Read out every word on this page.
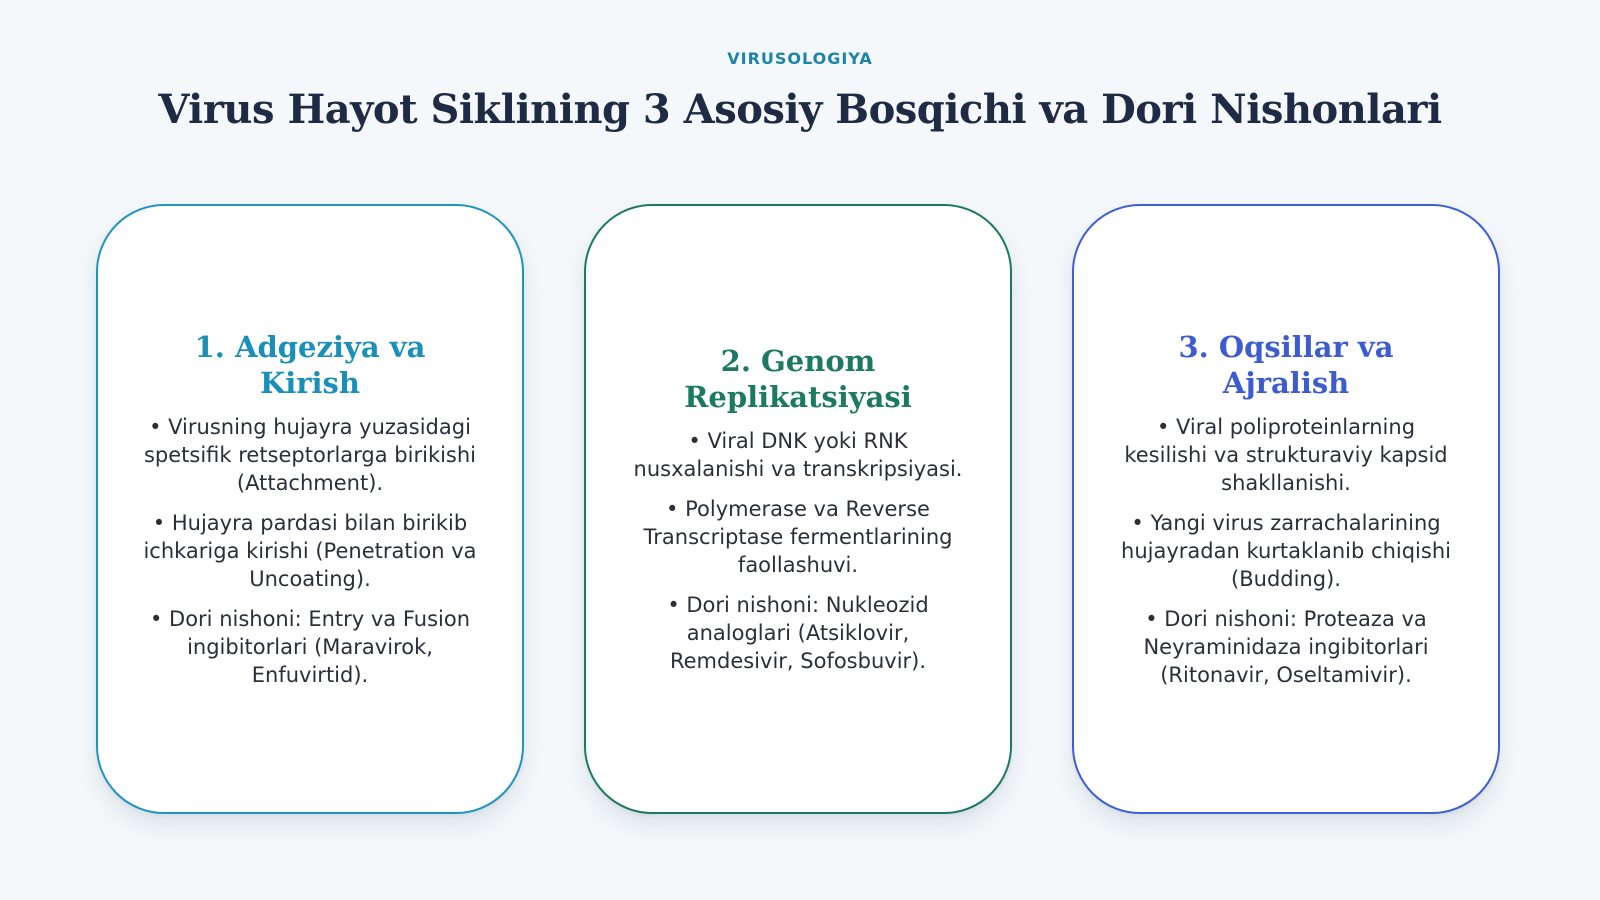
VIRUSOLOGIYA
Virus Hayot Siklining 3 Asosiy Bosqichi va Dori Nishonlari
1. Adgeziya va Kirish
• Virusning hujayra yuzasidagi spetsifik retseptorlarga birikishi (Attachment).
• Hujayra pardasi bilan birikib ichkariga kirishi (Penetration va Uncoating).
• Dori nishoni: Entry va Fusion ingibitorlari (Maravirok, Enfuvirtid).
2. Genom Replikatsiyasi
• Viral DNK yoki RNK nusxalanishi va transkripsiyasi.
• Polymerase va Reverse Transcriptase fermentlarining faollashuvi.
• Dori nishoni: Nukleozid analoglari (Atsiklovir, Remdesivir, Sofosbuvir).
3. Oqsillar va Ajralish
• Viral poliproteinlarning kesilishi va strukturaviy kapsid shakllanishi.
• Yangi virus zarrachalarining hujayradan kurtaklanib chiqishi (Budding).
• Dori nishoni: Proteaza va Neyraminidaza ingibitorlari (Ritonavir, Oseltamivir).
